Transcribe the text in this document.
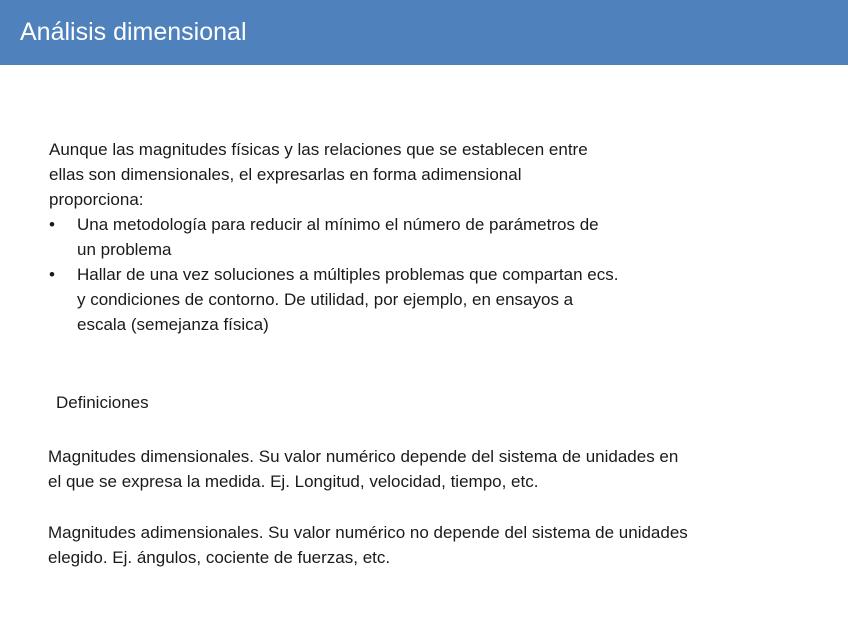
Análisis dimensional

Aunque las magnitudes físicas y las relaciones que se establecen entre
ellas son dimensionales, el expresarlas en forma adimensional
proporciona:

•	Una metodología para reducir al mínimo el número de parámetros de
un problema
•	Hallar de una vez soluciones a múltiples problemas que compartan ecs.
y condiciones de contorno. De utilidad, por ejemplo, en ensayos a
escala (semejanza física)
Definiciones
Magnitudes dimensionales. Su valor numérico depende del sistema de unidades en
el que se expresa la medida. Ej. Longitud, velocidad, tiempo, etc.
Magnitudes adimensionales. Su valor numérico no depende del sistema de unidades
elegido. Ej. ángulos, cociente de fuerzas, etc.
